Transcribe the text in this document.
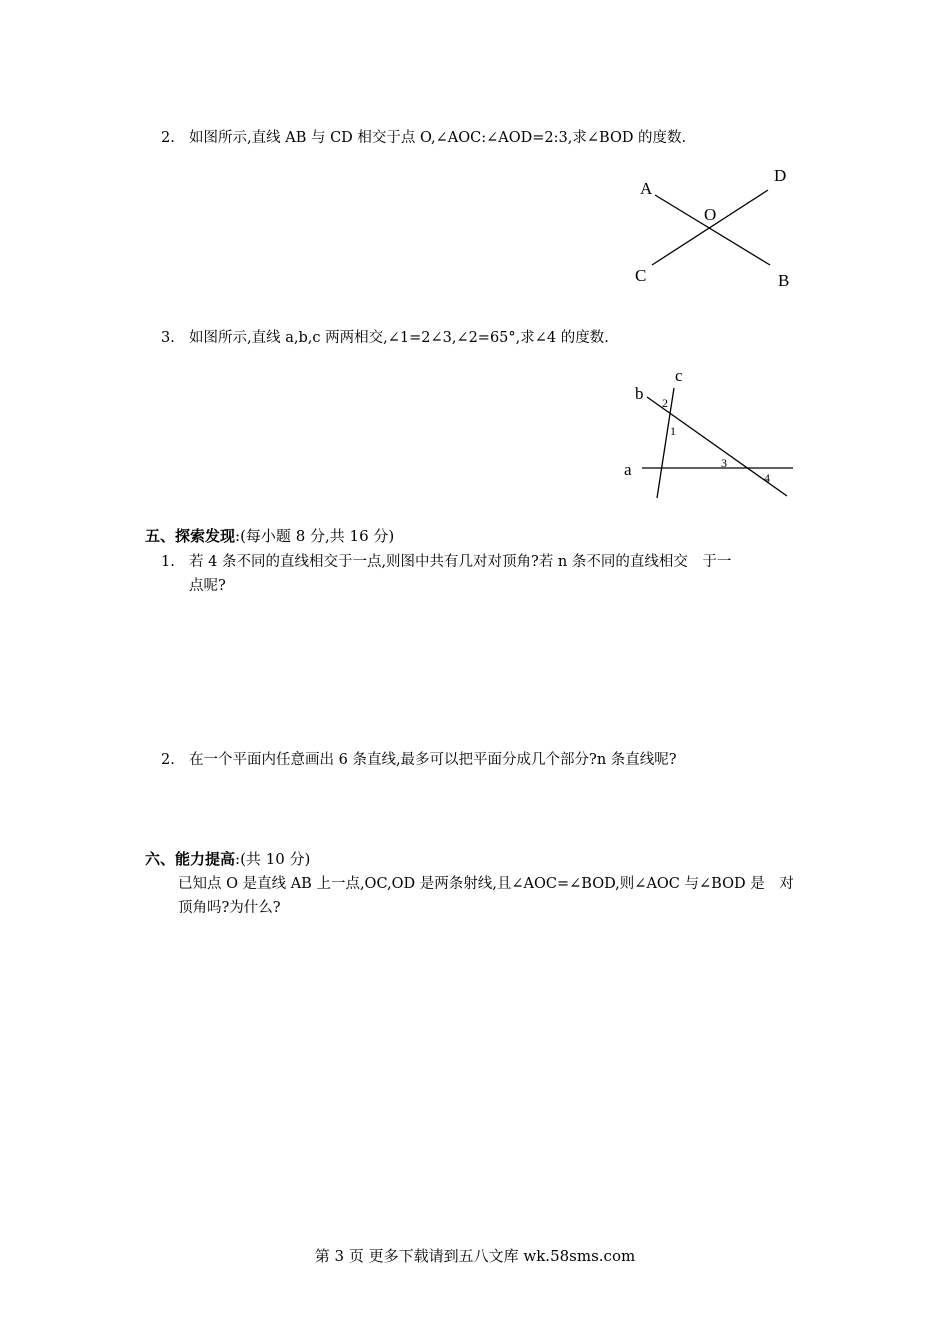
2. 如图所示,直线 AB 与 CD 相交于点 O,∠AOC:∠AOD=2:3,求∠BOD 的度数.
A
D
O
C	B
3. 如图所示,直线 a,b,c 两两相交,∠1=2∠3,∠2=65°,求∠4 的度数.
c
b
a
2
1
3
4
五、探索发现:(每小题 8 分,共 16 分)
1. 若 4 条不同的直线相交于一点,则图中共有几对对顶角?若 n 条不同的直线相交　于一
点呢?
2. 在一个平面内任意画出 6 条直线,最多可以把平面分成几个部分?n 条直线呢?
六、能力提高:(共 10 分)
已知点 O 是直线 AB 上一点,OC,OD 是两条射线,且∠AOC=∠BOD,则∠AOC 与∠BOD 是　对
顶角吗?为什么?
第 3 页 更多下载请到五八文库 wk.58sms.com
